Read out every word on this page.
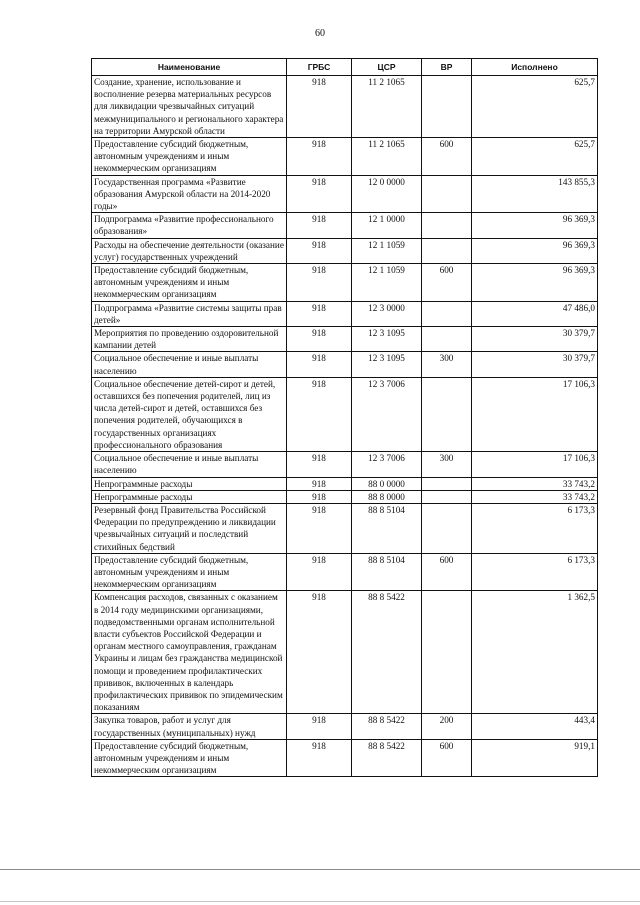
60
Наименование	ГРБС	ЦСР	ВР	Исполнено
Создание, хранение, использование и восполнение резерва материальных ресурсов для ликвидации чрезвычайных ситуаций межмуниципального и регионального характера на территории Амурской области	918	11 2 1065		625,7
Предоставление субсидий бюджетным, автономным учреждениям и иным некоммерческим организациям	918	11 2 1065	600	625,7
Государственная программа «Развитие образования Амурской области на 2014-2020 годы»	918	12 0 0000		143 855,3
Подпрограмма «Развитие профессионального образования»	918	12 1 0000		96 369,3
Расходы на обеспечение деятельности (оказание услуг) государственных учреждений	918	12 1 1059		96 369,3
Предоставление субсидий бюджетным, автономным учреждениям и иным некоммерческим организациям	918	12 1 1059	600	96 369,3
Подпрограмма «Развитие системы защиты прав детей»	918	12 3 0000		47 486,0
Мероприятия по проведению оздоровительной кампании детей	918	12 3 1095		30 379,7
Социальное обеспечение и иные выплаты населению	918	12 3 1095	300	30 379,7
Социальное обеспечение детей-сирот и детей, оставшихся без попечения родителей, лиц из числа детей-сирот и детей, оставшихся без попечения родителей, обучающихся в государственных организациях профессионального образования	918	12 3 7006		17 106,3
Социальное обеспечение и иные выплаты населению	918	12 3 7006	300	17 106,3
Непрограммные расходы	918	88 0 0000		33 743,2
Непрограммные расходы	918	88 8 0000		33 743,2
Резервный фонд Правительства Российской Федерации по предупреждению и ликвидации чрезвычайных ситуаций и последствий стихийных бедствий	918	88 8 5104		6 173,3
Предоставление субсидий бюджетным, автономным учреждениям и иным некоммерческим организациям	918	88 8 5104	600	6 173,3
Компенсация расходов, связанных с оказанием в 2014 году медицинскими организациями, подведомственными органам исполнительной власти субъектов Российской Федерации и органам местного самоуправления, гражданам Украины и лицам без гражданства медицинской помощи и проведением профилактических прививок, включенных в календарь профилактических прививок по эпидемическим показаниям	918	88 8 5422		1 362,5
Закупка товаров, работ и услуг для государственных (муниципальных) нужд	918	88 8 5422	200	443,4
Предоставление субсидий бюджетным, автономным учреждениям и иным некоммерческим организациям	918	88 8 5422	600	919,1
